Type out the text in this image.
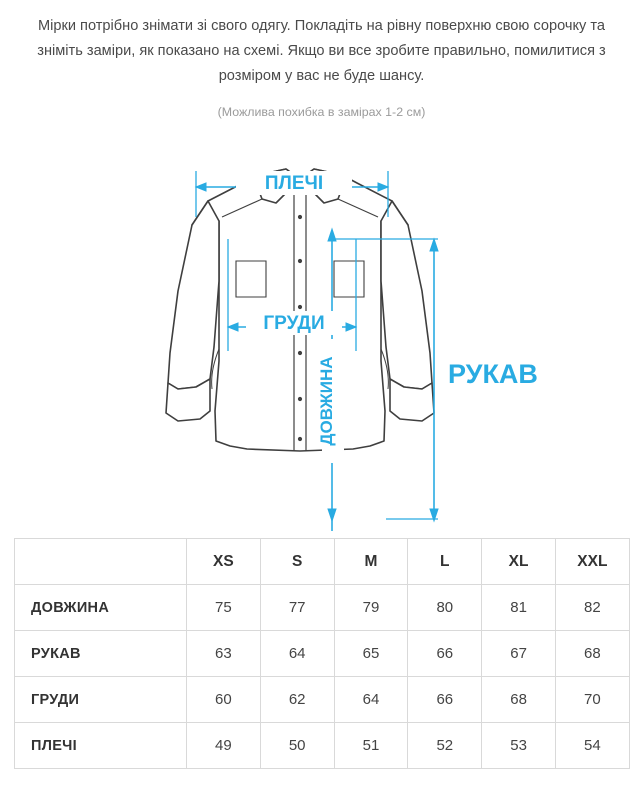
Мірки потрібно знімати зі свого одягу. Покладіть на рівну поверхню свою сорочку та зніміть заміри, як показано на схемі. Якщо ви все зробите правильно, помилитися з розміром у вас не буде шансу.

(Можлива похибка в замірах 1-2 см)

ПЛЕЧІ
ГРУДИ
ДОВЖИНА	РУКАВ
	XS	S	M	L	XL	XXL
ДОВЖИНА	75	77	79	80	81	82
РУКАВ	63	64	65	66	67	68
ГРУДИ	60	62	64	66	68	70
ПЛЕЧІ	49	50	51	52	53	54
